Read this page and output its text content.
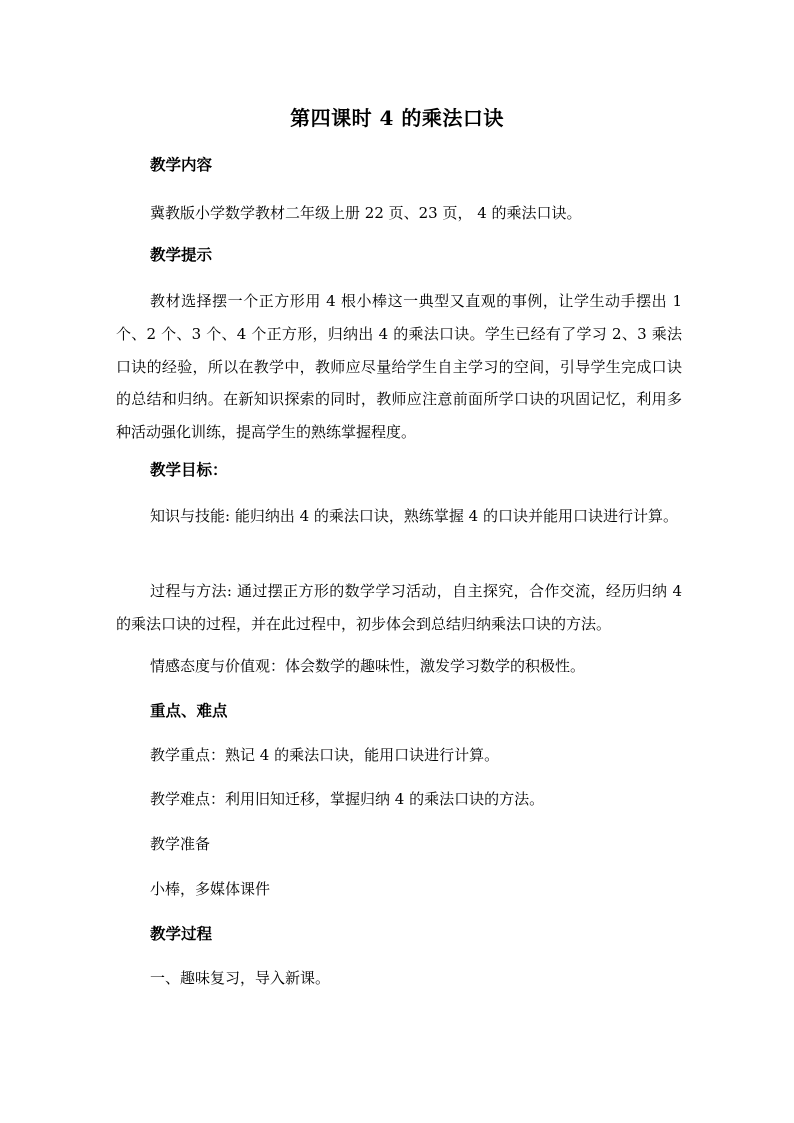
第四课时 4 的乘法口诀
教学内容
冀教版小学数学教材二年级上册 22 页、23 页， 4 的乘法口诀。
教学提示

教材选择摆一个正方形用 4 根小棒这一典型又直观的事例，让学生动手摆出 1 个、2 个、3 个、4 个正方形，归纳出 4 的乘法口诀。学生已经有了学习 2、3 乘法口诀的经验，所以在教学中，教师应尽量给学生自主学习的空间，引导学生完成口诀的总结和归纳。在新知识探索的同时，教师应注意前面所学口诀的巩固记忆，利用多种活动强化训练，提高学生的熟练掌握程度。

教学目标：

知识与技能: 能归纳出 4 的乘法口诀，熟练掌握 4 的口诀并能用口诀进行计算。

过程与方法: 通过摆正方形的数学学习活动，自主探究，合作交流，经历归纳 4 的乘法口诀的过程，并在此过程中，初步体会到总结归纳乘法口诀的方法。

情感态度与价值观：体会数学的趣味性，激发学习数学的积极性。
重点、难点
教学重点：熟记 4 的乘法口诀，能用口诀进行计算。
教学难点：利用旧知迁移，掌握归纳 4 的乘法口诀的方法。
教学准备
小棒，多媒体课件
教学过程
一、趣味复习，导入新课。
